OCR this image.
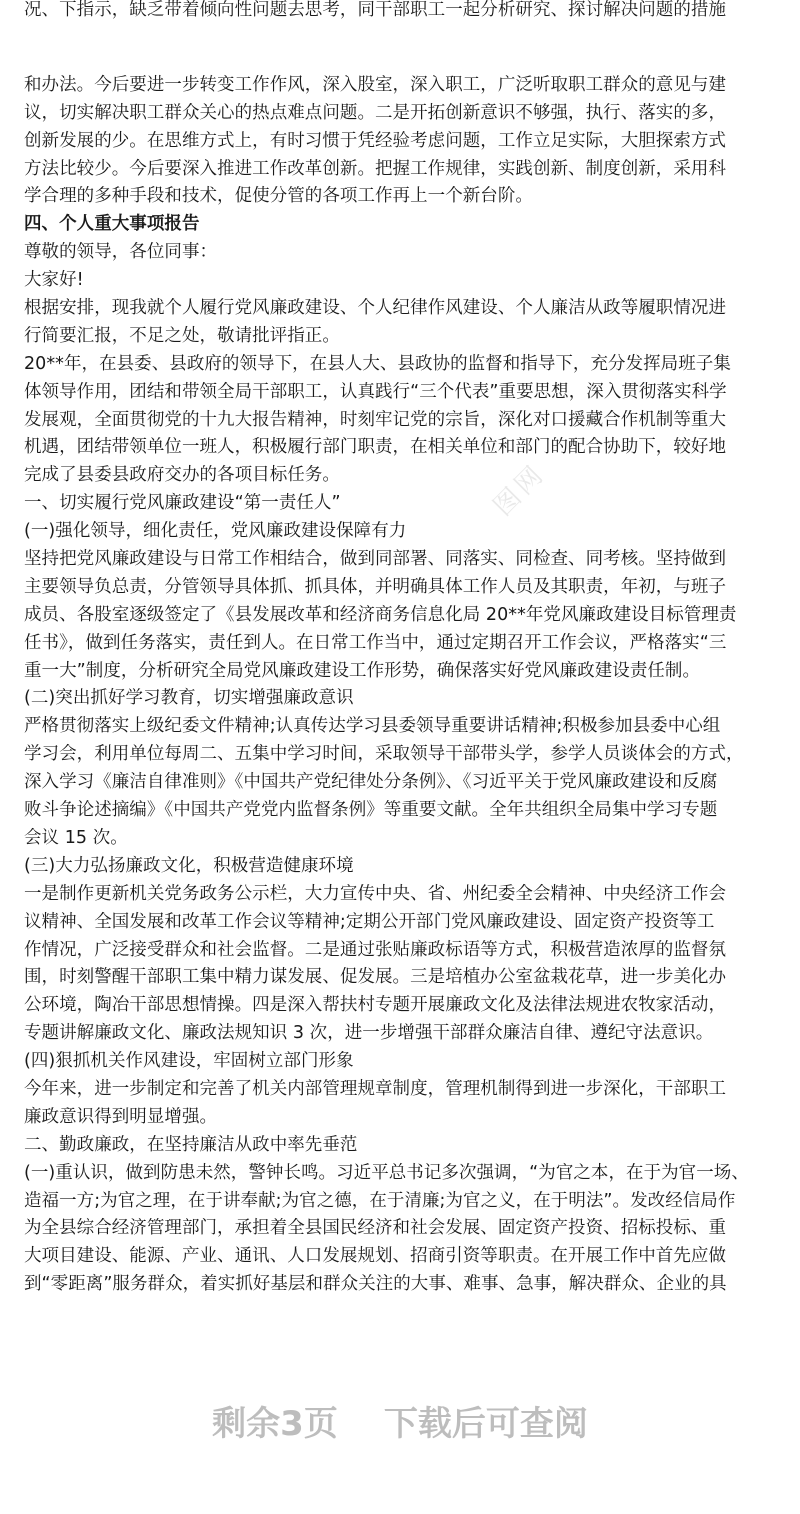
况、下指示，缺乏带着倾向性问题去思考，同干部职工一起分析研究、探讨解决问题的措施
和办法。今后要进一步转变工作作风，深入股室，深入职工，广泛听取职工群众的意见与建
议，切实解决职工群众关心的热点难点问题。二是开拓创新意识不够强，执行、落实的多，
创新发展的少。在思维方式上，有时习惯于凭经验考虑问题，工作立足实际，大胆探索方式
方法比较少。今后要深入推进工作改革创新。把握工作规律，实践创新、制度创新，采用科
学合理的多种手段和技术，促使分管的各项工作再上一个新台阶。
四、个人重大事项报告
尊敬的领导，各位同事：
大家好!
根据安排，现我就个人履行党风廉政建设、个人纪律作风建设、个人廉洁从政等履职情况进
行简要汇报，不足之处，敬请批评指正。
20**年，在县委、县政府的领导下，在县人大、县政协的监督和指导下，充分发挥局班子集
体领导作用，团结和带领全局干部职工，认真践行“三个代表”重要思想，深入贯彻落实科学
发展观，全面贯彻党的十九大报告精神，时刻牢记党的宗旨，深化对口援藏合作机制等重大
机遇，团结带领单位一班人，积极履行部门职责，在相关单位和部门的配合协助下，较好地
完成了县委县政府交办的各项目标任务。
一、切实履行党风廉政建设“第一责任人”
(一)强化领导，细化责任，党风廉政建设保障有力
坚持把党风廉政建设与日常工作相结合，做到同部署、同落实、同检查、同考核。坚持做到
主要领导负总责，分管领导具体抓、抓具体，并明确具体工作人员及其职责，年初，与班子
成员、各股室逐级签定了《县发展改革和经济商务信息化局 20**年党风廉政建设目标管理责
任书》，做到任务落实，责任到人。在日常工作当中，通过定期召开工作会议，严格落实“三
重一大”制度，分析研究全局党风廉政建设工作形势，确保落实好党风廉政建设责任制。
(二)突出抓好学习教育，切实增强廉政意识
严格贯彻落实上级纪委文件精神;认真传达学习县委领导重要讲话精神;积极参加县委中心组
学习会，利用单位每周二、五集中学习时间，采取领导干部带头学，参学人员谈体会的方式，
深入学习《廉洁自律准则》《中国共产党纪律处分条例》、《习近平关于党风廉政建设和反腐
败斗争论述摘编》《中国共产党党内监督条例》等重要文献。全年共组织全局集中学习专题
会议 15 次。
(三)大力弘扬廉政文化，积极营造健康环境
一是制作更新机关党务政务公示栏，大力宣传中央、省、州纪委全会精神、中央经济工作会
议精神、全国发展和改革工作会议等精神;定期公开部门党风廉政建设、固定资产投资等工
作情况，广泛接受群众和社会监督。二是通过张贴廉政标语等方式，积极营造浓厚的监督氛
围，时刻警醒干部职工集中精力谋发展、促发展。三是培植办公室盆栽花草，进一步美化办
公环境，陶冶干部思想情操。四是深入帮扶村专题开展廉政文化及法律法规进农牧家活动，
专题讲解廉政文化、廉政法规知识 3 次，进一步增强干部群众廉洁自律、遵纪守法意识。
(四)狠抓机关作风建设，牢固树立部门形象
今年来，进一步制定和完善了机关内部管理规章制度，管理机制得到进一步深化，干部职工
廉政意识得到明显增强。
二、勤政廉政，在坚持廉洁从政中率先垂范
(一)重认识，做到防患未然，警钟长鸣。习近平总书记多次强调，“为官之本，在于为官一场、
造福一方;为官之理，在于讲奉献;为官之德，在于清廉;为官之义，在于明法”。发改经信局作
为全县综合经济管理部门，承担着全县国民经济和社会发展、固定资产投资、招标投标、重
大项目建设、能源、产业、通讯、人口发展规划、招商引资等职责。在开展工作中首先应做
到“零距离”服务群众，着实抓好基层和群众关注的大事、难事、急事，解决群众、企业的具
图网
剩余3页 下载后可查阅
